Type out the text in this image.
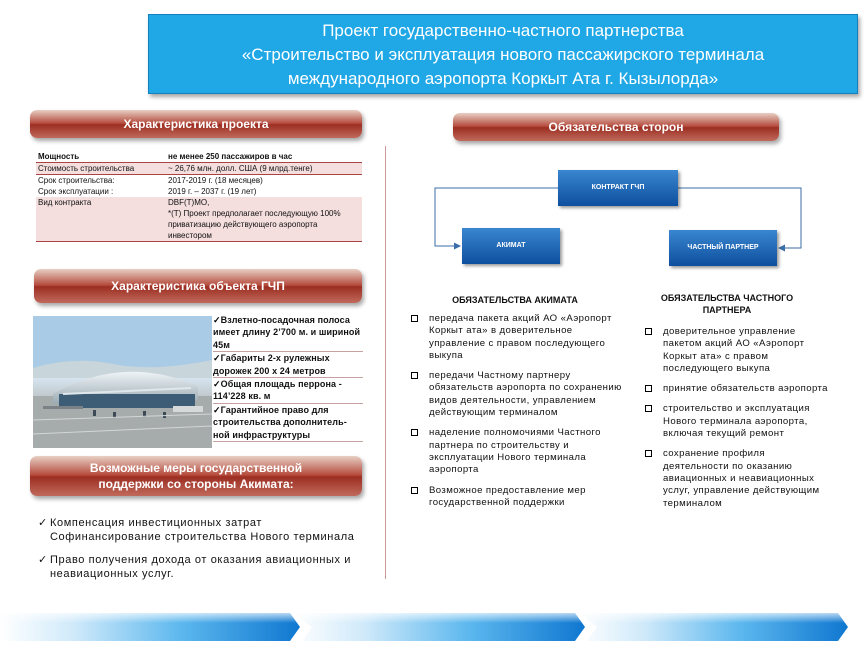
Проект государственно-частного партнерства
«Строительство и эксплуатация нового пассажирского терминала
международного аэропорта Коркыт Ата г. Кызылорда»
Характеристика проекта
Мощность	не менее 250 пассажиров в час
Стоимость строительства	~ 26,76 млн. долл. США (9 млрд.тенге)
Срок строительства:	2017-2019 г. (18 месяцев)
Срок эксплуатации :	2019 г. – 2037 г. (19 лет)
Вид контракта	DBF(T)MO,
*(T) Проект предполагает последующую 100% приватизацию действующего аэропорта инвестором
Характеристика объекта ГЧП
✓Взлетно-посадочная полоса имеет длину 2’700 м. и шириной 45м
✓Габариты 2-х рулежных дорожек 200 х 24 метров
✓Общая площадь перрона - 114’228 кв. м
✓Гарантийное право для строительства дополнитель-ной инфраструктуры
Возможные меры государственной
поддержки со стороны Акимата:
✓ Компенсация инвестиционных затрат Софинансирование строительства Нового терминала
✓ Право получения дохода от оказания авиационных и неавиационных услуг.
Обязательства сторон
КОНТРАКТ ГЧП
АКИМАТ	ЧАСТНЫЙ ПАРТНЕР
ОБЯЗАТЕЛЬСТВА АКИМАТА	ОБЯЗАТЕЛЬСТВА ЧАСТНОГО ПАРТНЕРА
передача пакета акций АО «Аэропорт Коркыт ата» в доверительное управление с правом последующего выкупа
передачи Частному партнеру обязательств аэропорта по сохранению видов деятельности, управлением действующим терминалом
наделение полномочиями Частного партнера по строительству и эксплуатации Нового терминала аэропорта
Возможное предоставление мер государственной поддержки
доверительное управление пакетом акций АО «Аэропорт Коркыт ата» с правом последующего выкупа
принятие обязательств аэропорта
строительство и эксплуатация Нового терминала аэропорта, включая текущий ремонт
сохранение профиля деятельности по оказанию авиационных и неавиационных услуг, управление действующим терминалом
